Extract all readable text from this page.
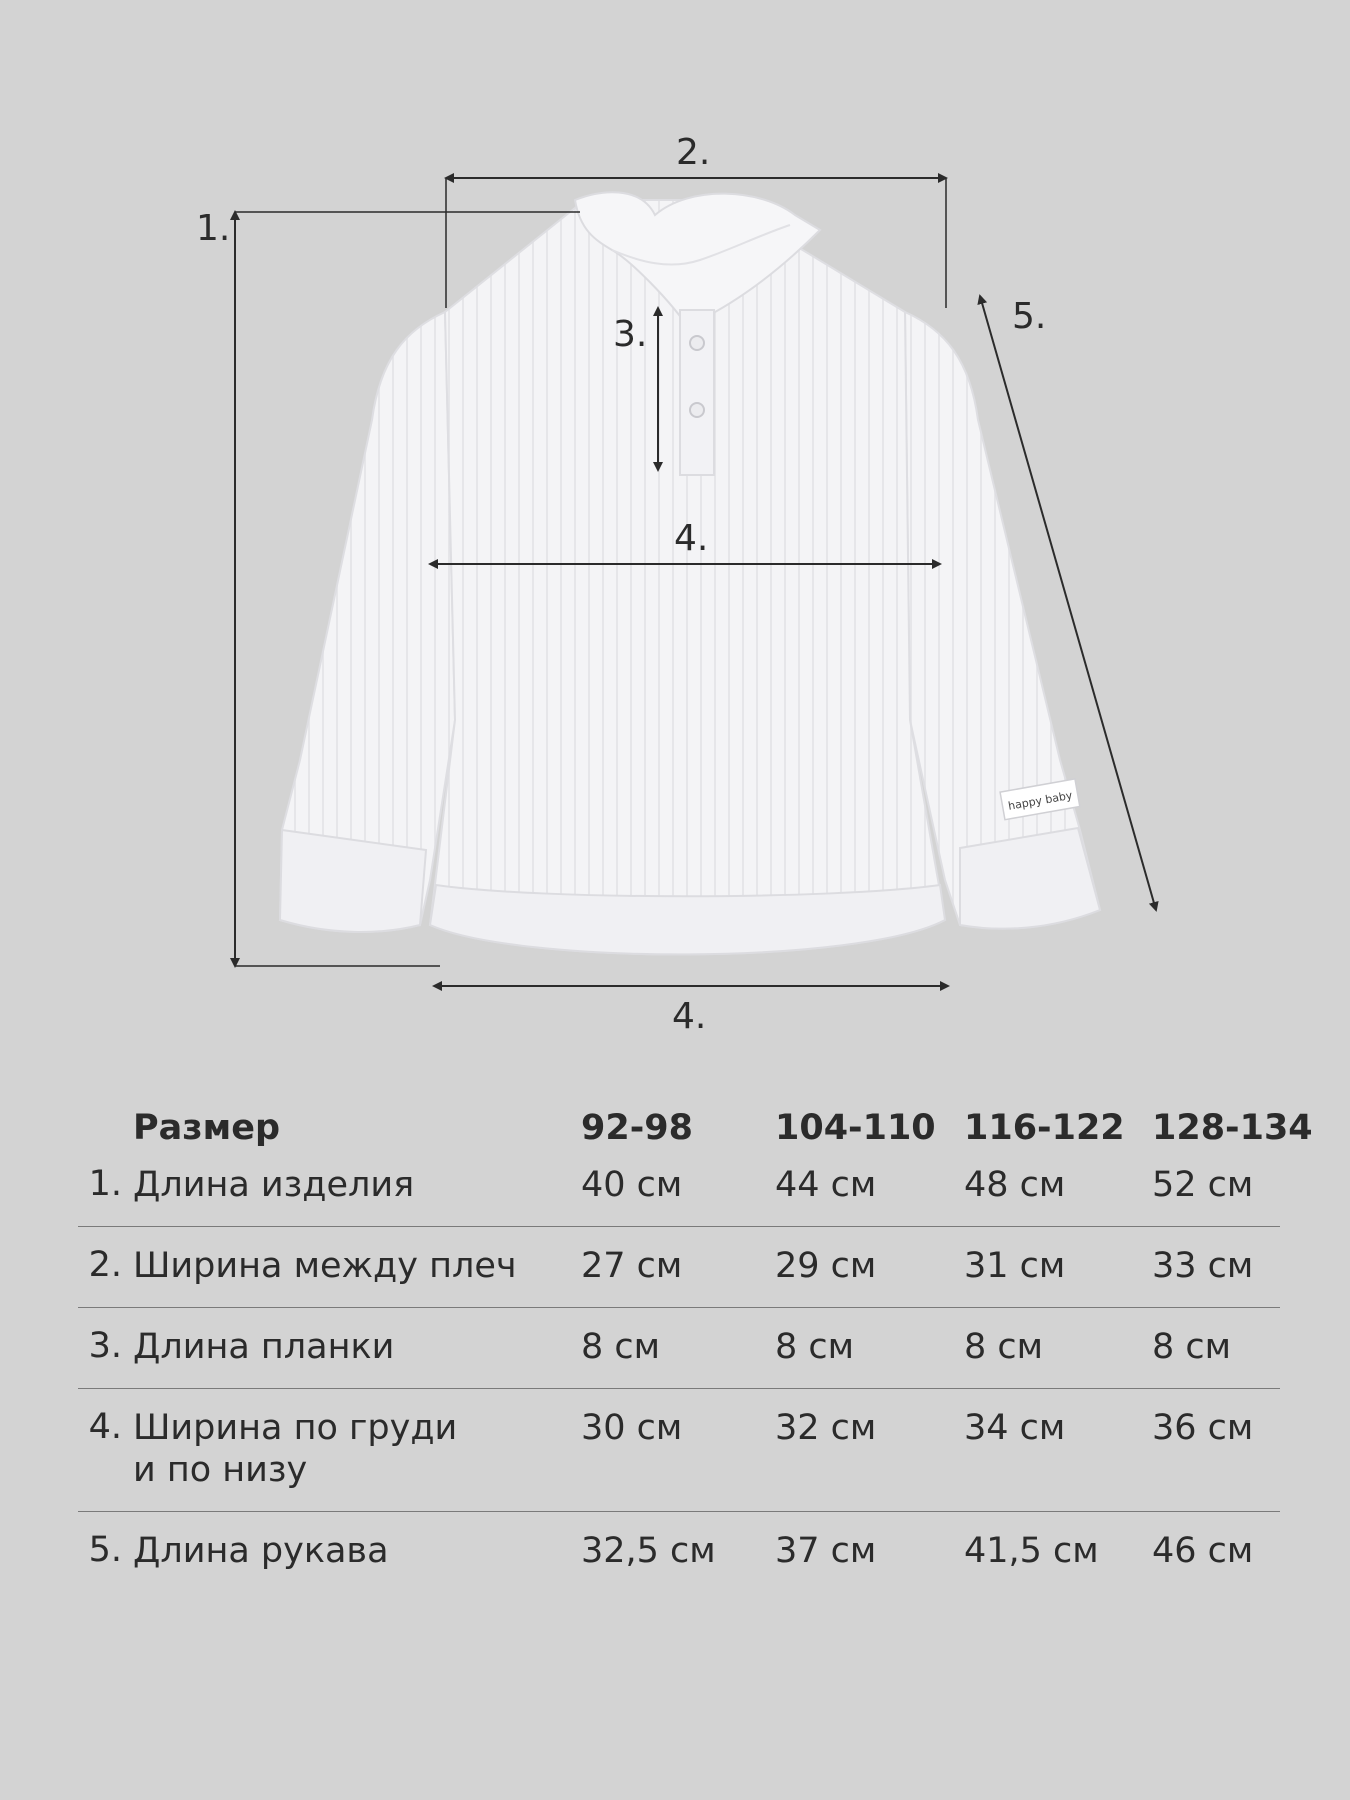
happy baby
1.
2.
3.
4.
4.
5.
Размер	92-98	104-110 116-122 128-134
1. Длина изделия	40 см	44 см	48 см	52 см
2. Ширина между плеч	27 см	29 см	31 см	33 см
3. Длина планки	8 см	8 см	8 см	8 см
4. Ширина по груди
и по низу
30 см	32 см	34 см	36 см
5. Длина рукава	32,5 см	37 см	41,5 см	46 см
